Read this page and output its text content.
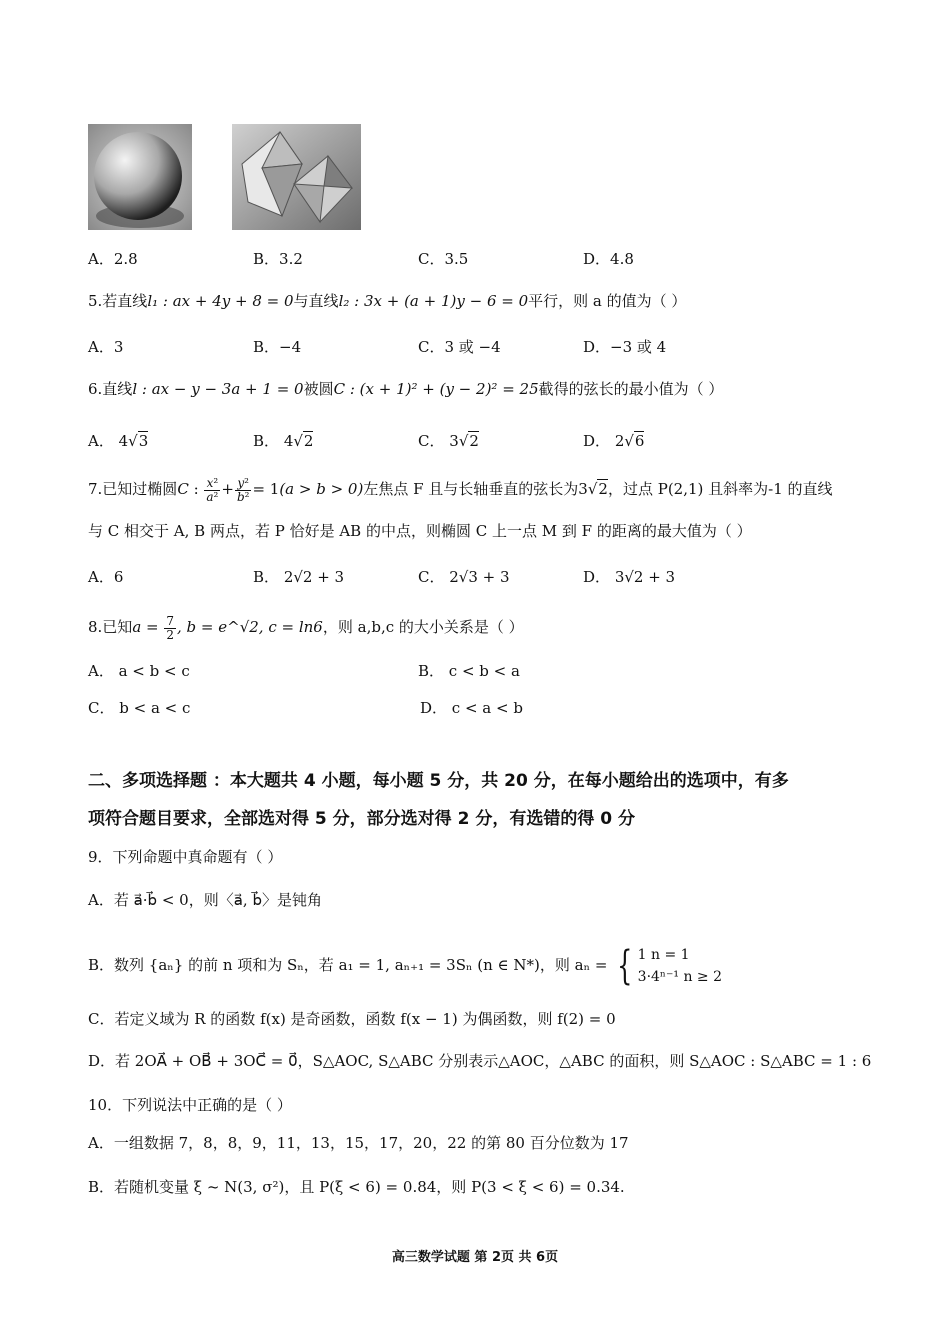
A．2.8	B．3.2	C．3.5	D．4.8
5.若直线l₁ : ax + 4y + 8 = 0与直线l₂ : 3x + (a + 1)y − 6 = 0平行，则 a 的值为（ ）
A．3	B．−4	C．3 或 −4	D．−3 或 4
6.直线l : ax − y − 3a + 1 = 0被圆C : (x + 1)² + (y − 2)² = 25截得的弦长的最小值为（ ）
A． 4√3	B． 4√2	C． 3√2	D． 2√6
7.已知过椭圆C : $\frac{\text{x²}}{\text{a²}} + \frac{\text{y²}}{\text{b²}} = 1(a > b > 0)$左焦点 F 且与长轴垂直的弦长为3√2，过点 P(2,1) 且斜率为-1 的直线
与 C 相交于 A, B 两点，若 P 恰好是 AB 的中点，则椭圆 C 上一点 M 到 F 的距离的最大值为（ ）
A．6	B． 2√2 + 3	C． 2√3 + 3	D． 3√2 + 3
8.已知$a = \frac{7}{2}$ , b = e^√2, c = ln6，则 a,b,c 的大小关系是（ ）
A． a < b < c	B． c < b < a
C． b < a < c	D． c < a < b
二、多项选择题 ：本大题共 4 小题，每小题 5 分，共 20 分，在每小题给出的选项中，有多
项符合题目要求，全部选对得 5 分，部分选对得 2 分，有选错的得 0 分
9．下列命题中真命题有（ ）
A．若 a⃗·b⃗ < 0，则〈a⃗, b⃗〉是钝角
B．数列 {aₙ} 的前 n 项和为 Sₙ，若 a₁ = 1, aₙ₊₁ = 3Sₙ (n ∈ N*)，则 aₙ = { 1 n = 1
3·4ⁿ⁻¹ n ≥ 2
C．若定义域为 R 的函数 f(x) 是奇函数，函数 f(x − 1) 为偶函数，则 f(2) = 0
D．若 2OA⃗ + OB⃗ + 3OC⃗ = 0⃗，S△AOC, S△ABC 分别表示△AOC，△ABC 的面积，则 S△AOC : S△ABC = 1 : 6
10．下列说法中正确的是（ ）
A．一组数据 7，8，8，9，11，13，15，17，20，22 的第 80 百分位数为 17
B．若随机变量 ξ ~ N(3, σ²)，且 P(ξ < 6) = 0.84，则 P(3 < ξ < 6) = 0.34.
高三数学试题 第 2页 共 6页
